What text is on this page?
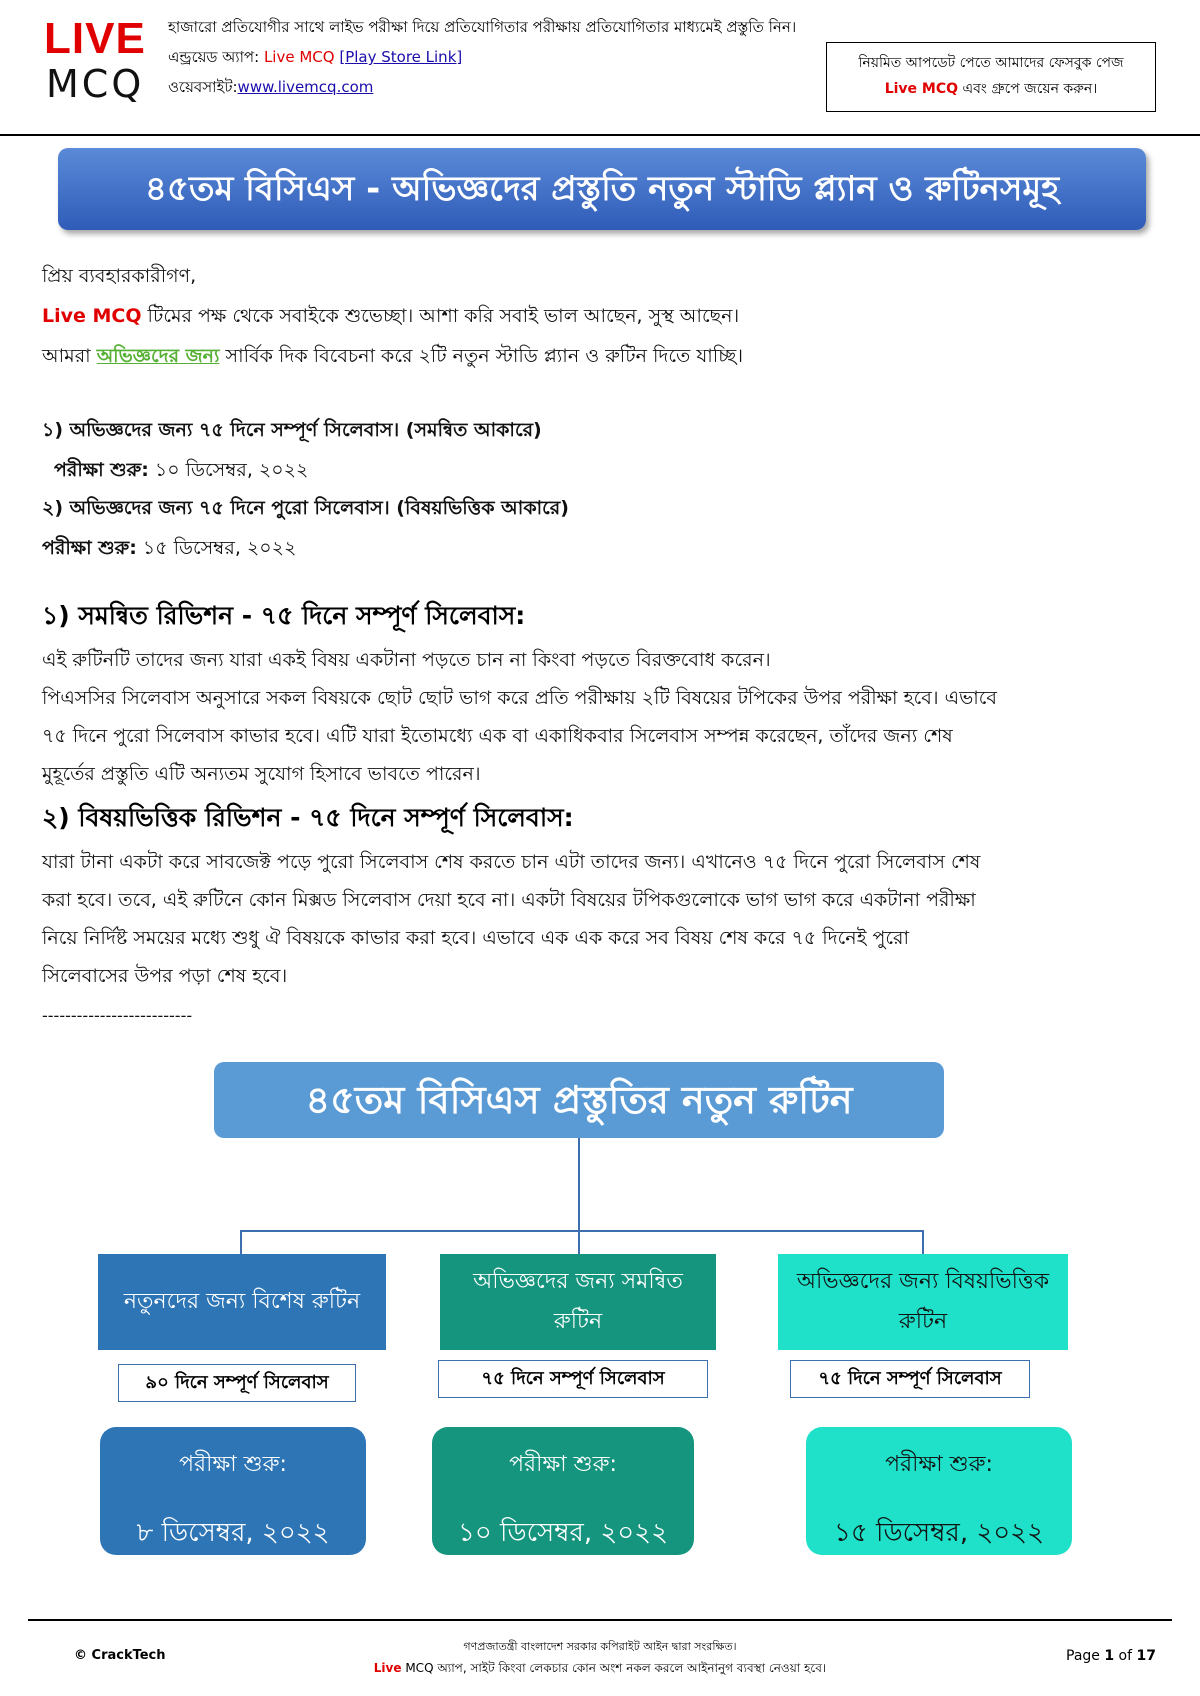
LIVE
MCQ
হাজারো প্রতিযোগীর সাথে লাইভ পরীক্ষা দিয়ে প্রতিযোগিতার পরীক্ষায় প্রতিযোগিতার মাধ্যমেই প্রস্তুতি নিন।
এন্ড্রয়েড অ্যাপ: Live MCQ [Play Store Link]
ওয়েবসাইট:www.livemcq.com
নিয়মিত আপডেট পেতে আমাদের ফেসবুক পেজ
Live MCQ এবং গ্রুপে জয়েন করুন।
৪৫তম বিসিএস - অভিজ্ঞদের প্রস্তুতি নতুন স্টাডি প্ল্যান ও রুটিনসমূহ
প্রিয় ব্যবহারকারীগণ,
Live MCQ টিমের পক্ষ থেকে সবাইকে শুভেচ্ছা। আশা করি সবাই ভাল আছেন, সুস্থ আছেন।
আমরা অভিজ্ঞদের জন্য সার্বিক দিক বিবেচনা করে ২টি নতুন স্টাডি প্ল্যান ও রুটিন দিতে যাচ্ছি।
১) অভিজ্ঞদের জন্য ৭৫ দিনে সম্পূর্ণ সিলেবাস। (সমন্বিত আকারে)
পরীক্ষা শুরু: ১০ ডিসেম্বর, ২০২২
২) অভিজ্ঞদের জন্য ৭৫ দিনে পুরো সিলেবাস। (বিষয়ভিত্তিক আকারে)
পরীক্ষা শুরু: ১৫ ডিসেম্বর, ২০২২
১) সমন্বিত রিভিশন - ৭৫ দিনে সম্পূর্ণ সিলেবাস:
এই রুটিনটি তাদের জন্য যারা একই বিষয় একটানা পড়তে চান না কিংবা পড়তে বিরক্তবোধ করেন।
পিএসসির সিলেবাস অনুসারে সকল বিষয়কে ছোট ছোট ভাগ করে প্রতি পরীক্ষায় ২টি বিষয়ের টপিকের উপর পরীক্ষা হবে। এভাবে
৭৫ দিনে পুরো সিলেবাস কাভার হবে। এটি যারা ইতোমধ্যে এক বা একাধিকবার সিলেবাস সম্পন্ন করেছেন, তাঁদের জন্য শেষ
মুহূর্তের প্রস্তুতি এটি অন্যতম সুযোগ হিসাবে ভাবতে পারেন।
২) বিষয়ভিত্তিক রিভিশন - ৭৫ দিনে সম্পূর্ণ সিলেবাস:
যারা টানা একটা করে সাবজেক্ট পড়ে পুরো সিলেবাস শেষ করতে চান এটা তাদের জন্য। এখানেও ৭৫ দিনে পুরো সিলেবাস শেষ
করা হবে। তবে, এই রুটিনে কোন মিক্সড সিলেবাস দেয়া হবে না। একটা বিষয়ের টপিকগুলোকে ভাগ ভাগ করে একটানা পরীক্ষা
নিয়ে নির্দিষ্ট সময়ের মধ্যে শুধু ঐ বিষয়কে কাভার করা হবে। এভাবে এক এক করে সব বিষয় শেষ করে ৭৫ দিনেই পুরো
সিলেবাসের উপর পড়া শেষ হবে।
--------------------------
৪৫তম বিসিএস প্রস্তুতির নতুন রুটিন
নতুনদের জন্য বিশেষ রুটিন
৯০ দিনে সম্পূর্ণ সিলেবাস
পরীক্ষা শুরু:
৮ ডিসেম্বর, ২০২২
অভিজ্ঞদের জন্য সমন্বিত রুটিন
৭৫ দিনে সম্পূর্ণ সিলেবাস
পরীক্ষা শুরু:
১০ ডিসেম্বর, ২০২২
অভিজ্ঞদের জন্য বিষয়ভিত্তিক রুটিন
৭৫ দিনে সম্পূর্ণ সিলেবাস
পরীক্ষা শুরু:
১৫ ডিসেম্বর, ২০২২
© CrackTech
গণপ্রজাতন্ত্রী বাংলাদেশ সরকার কপিরাইট আইন দ্বারা সংরক্ষিত।
Live MCQ অ্যাপ, সাইট কিংবা লেকচার কোন অংশ নকল করলে আইনানুগ ব্যবস্থা নেওয়া হবে।
Page 1 of 17
